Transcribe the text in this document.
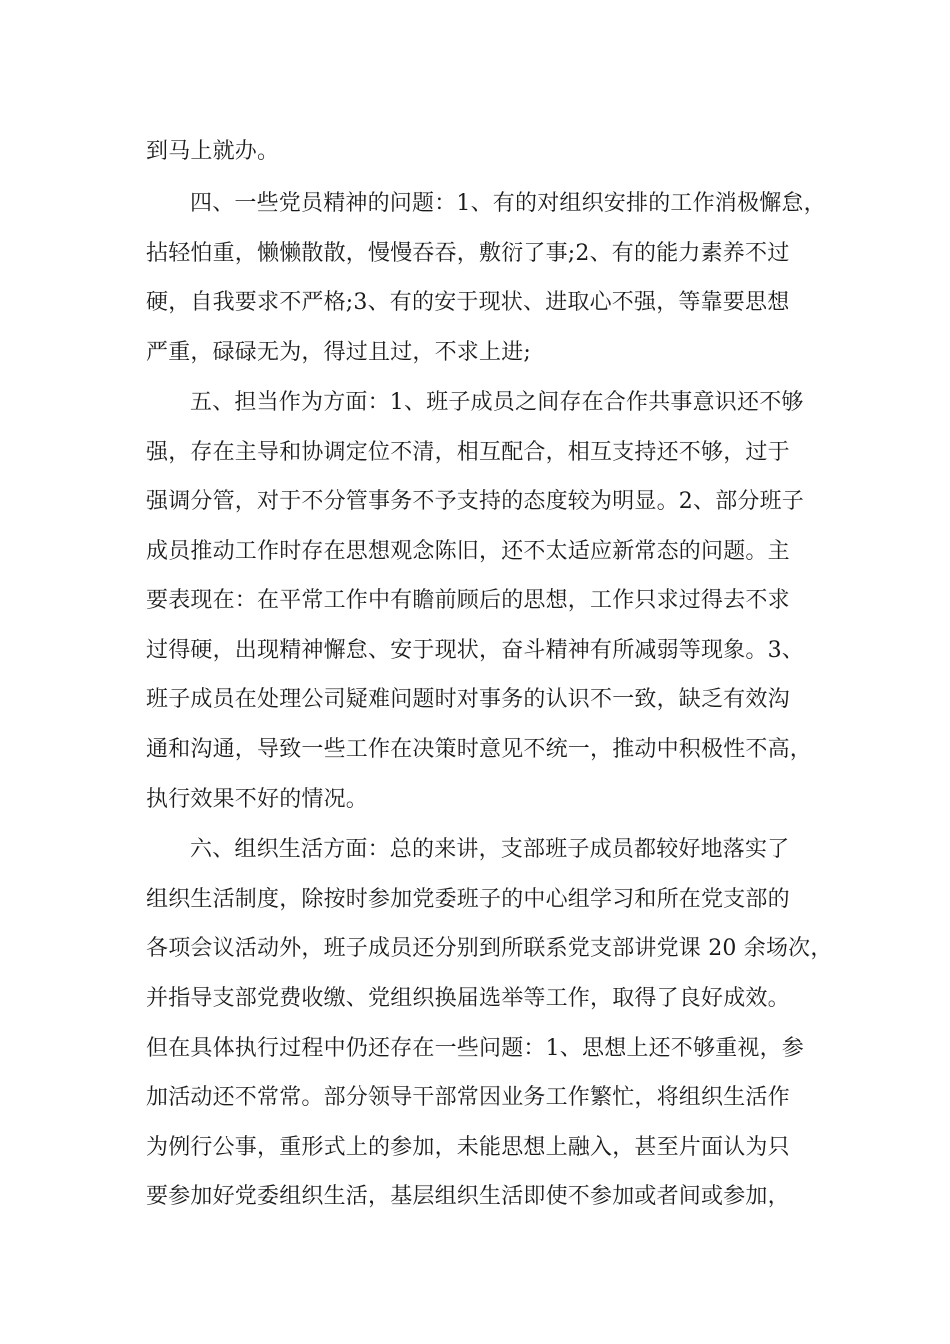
到马上就办。
四、一些党员精神的问题：1、有的对组织安排的工作消极懈怠，
拈轻怕重，懒懒散散，慢慢吞吞，敷衍了事;2、有的能力素养不过
硬，自我要求不严格;3、有的安于现状、进取心不强，等靠要思想
严重，碌碌无为，得过且过，不求上进;
五、担当作为方面：1、班子成员之间存在合作共事意识还不够
强，存在主导和协调定位不清，相互配合，相互支持还不够，过于
强调分管，对于不分管事务不予支持的态度较为明显。2、部分班子
成员推动工作时存在思想观念陈旧，还不太适应新常态的问题。主
要表现在：在平常工作中有瞻前顾后的思想，工作只求过得去不求
过得硬，出现精神懈怠、安于现状，奋斗精神有所减弱等现象。3、
班子成员在处理公司疑难问题时对事务的认识不一致，缺乏有效沟
通和沟通，导致一些工作在决策时意见不统一，推动中积极性不高，
执行效果不好的情况。
六、组织生活方面：总的来讲，支部班子成员都较好地落实了
组织生活制度，除按时参加党委班子的中心组学习和所在党支部的
各项会议活动外，班子成员还分别到所联系党支部讲党课 20 余场次，
并指导支部党费收缴、党组织换届选举等工作，取得了良好成效。
但在具体执行过程中仍还存在一些问题：1、思想上还不够重视，参
加活动还不常常。部分领导干部常因业务工作繁忙，将组织生活作
为例行公事，重形式上的参加，未能思想上融入，甚至片面认为只
要参加好党委组织生活，基层组织生活即使不参加或者间或参加，
